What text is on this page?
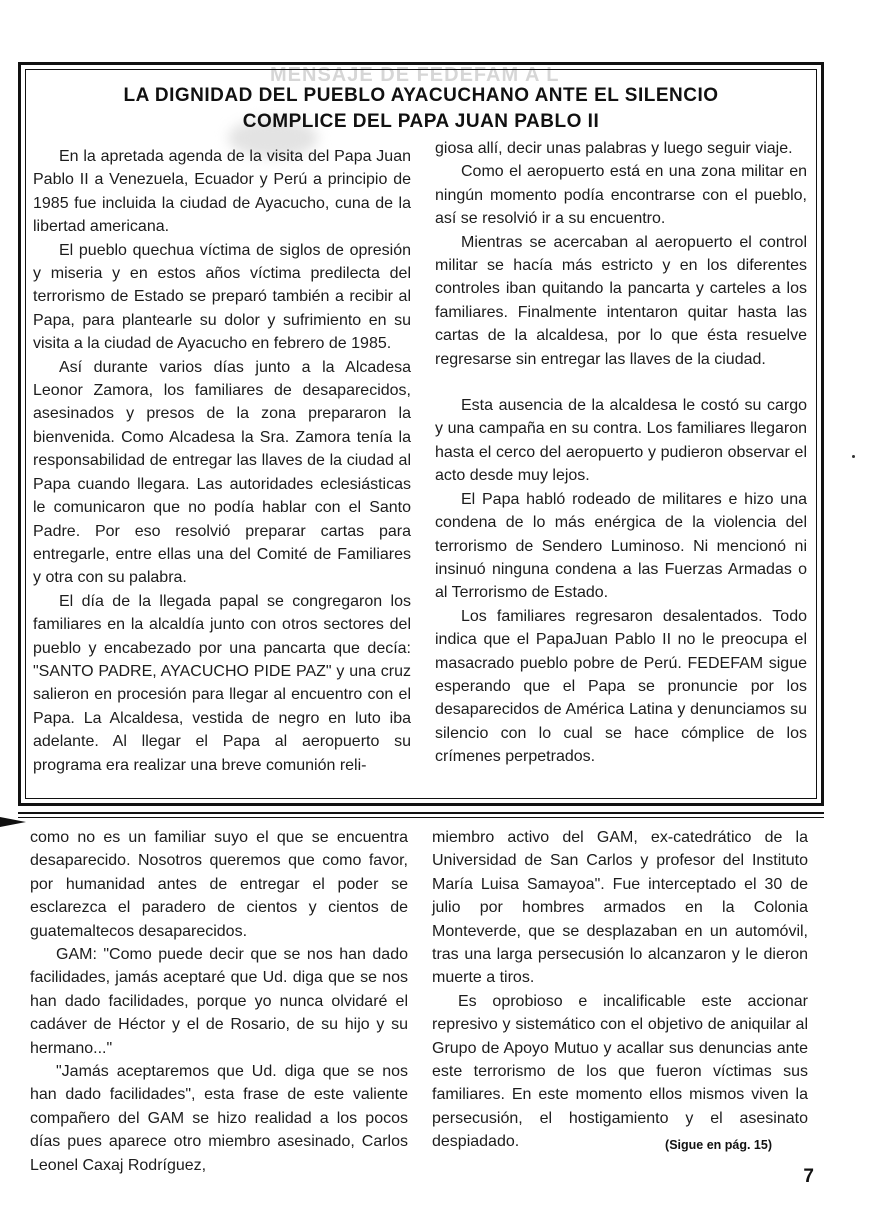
MENSAJE DE FEDEFAM A L
LA DIGNIDAD DEL PUEBLO AYACUCHANO ANTE EL SILENCIO
COMPLICE DEL PAPA JUAN PABLO II

En la apretada agenda de la visita del Papa Juan Pablo II a Venezuela, Ecuador y Perú a principio de 1985 fue incluida la ciudad de Ayacucho, cuna de la libertad americana.

El pueblo quechua víctima de siglos de opresión y miseria y en estos años víctima predilecta del terrorismo de Estado se preparó también a recibir al Papa, para plantearle su dolor y sufrimiento en su visita a la ciudad de Ayacucho en febrero de 1985.

Así durante varios días junto a la Alcadesa Leonor Zamora, los familiares de desaparecidos, asesinados y presos de la zona prepararon la bienvenida. Como Alcadesa la Sra. Zamora tenía la responsabilidad de entregar las llaves de la ciudad al Papa cuando llegara. Las autoridades eclesiásticas le comunicaron que no podía hablar con el Santo Padre. Por eso resolvió preparar cartas para entregarle, entre ellas una del Comité de Familiares y otra con su palabra.

El día de la llegada papal se congregaron los familiares en la alcaldía junto con otros sectores del pueblo y encabezado por una pancarta que decía: "SANTO PADRE, AYACUCHO PIDE PAZ" y una cruz salieron en procesión para llegar al encuentro con el Papa. La Alcaldesa, vestida de negro en luto iba adelante. Al llegar el Papa al aeropuerto su programa era realizar una breve comunión reli-

giosa allí, decir unas palabras y luego seguir viaje.

Como el aeropuerto está en una zona militar en ningún momento podía encontrarse con el pueblo, así se resolvió ir a su encuentro.

Mientras se acercaban al aeropuerto el control militar se hacía más estricto y en los diferentes controles iban quitando la pancarta y carteles a los familiares. Finalmente intentaron quitar hasta las cartas de la alcaldesa, por lo que ésta resuelve regresarse sin entregar las llaves de la ciudad.

Esta ausencia de la alcaldesa le costó su cargo y una campaña en su contra. Los familiares llegaron hasta el cerco del aeropuerto y pudieron observar el acto desde muy lejos.

El Papa habló rodeado de militares e hizo una condena de lo más enérgica de la violencia del terrorismo de Sendero Luminoso. Ni mencionó ni insinuó ninguna condena a las Fuerzas Armadas o al Terrorismo de Estado.

Los familiares regresaron desalentados. Todo indica que el PapaJuan Pablo II no le preocupa el masacrado pueblo pobre de Perú. FEDEFAM sigue esperando que el Papa se pronuncie por los desaparecidos de América Latina y denunciamos su silencio con lo cual se hace cómplice de los crímenes perpetrados.

como no es un familiar suyo el que se encuentra desaparecido. Nosotros queremos que como favor, por humanidad antes de entregar el poder se esclarezca el paradero de cientos y cientos de guatemaltecos desaparecidos.

GAM: "Como puede decir que se nos han dado facilidades, jamás aceptaré que Ud. diga que se nos han dado facilidades, porque yo nunca olvidaré el cadáver de Héctor y el de Rosario, de su hijo y su hermano..."

"Jamás aceptaremos que Ud. diga que se nos han dado facilidades", esta frase de este valiente compañero del GAM se hizo realidad a los pocos días pues aparece otro miembro asesinado, Carlos Leonel Caxaj Rodríguez,

miembro activo del GAM, ex-catedrático de la Universidad de San Carlos y profesor del Instituto María Luisa Samayoa". Fue interceptado el 30 de julio por hombres armados en la Colonia Monteverde, que se desplazaban en un automóvil, tras una larga persecusión lo alcanzaron y le dieron muerte a tiros.

Es oprobioso e incalificable este accionar represivo y sistemático con el objetivo de aniquilar al Grupo de Apoyo Mutuo y acallar sus denuncias ante este terrorismo de los que fueron víctimas sus familiares. En este momento ellos mismos viven la persecusión, el hostigamiento y el asesinato despiadado.	(Sigue en pág. 15)
7
